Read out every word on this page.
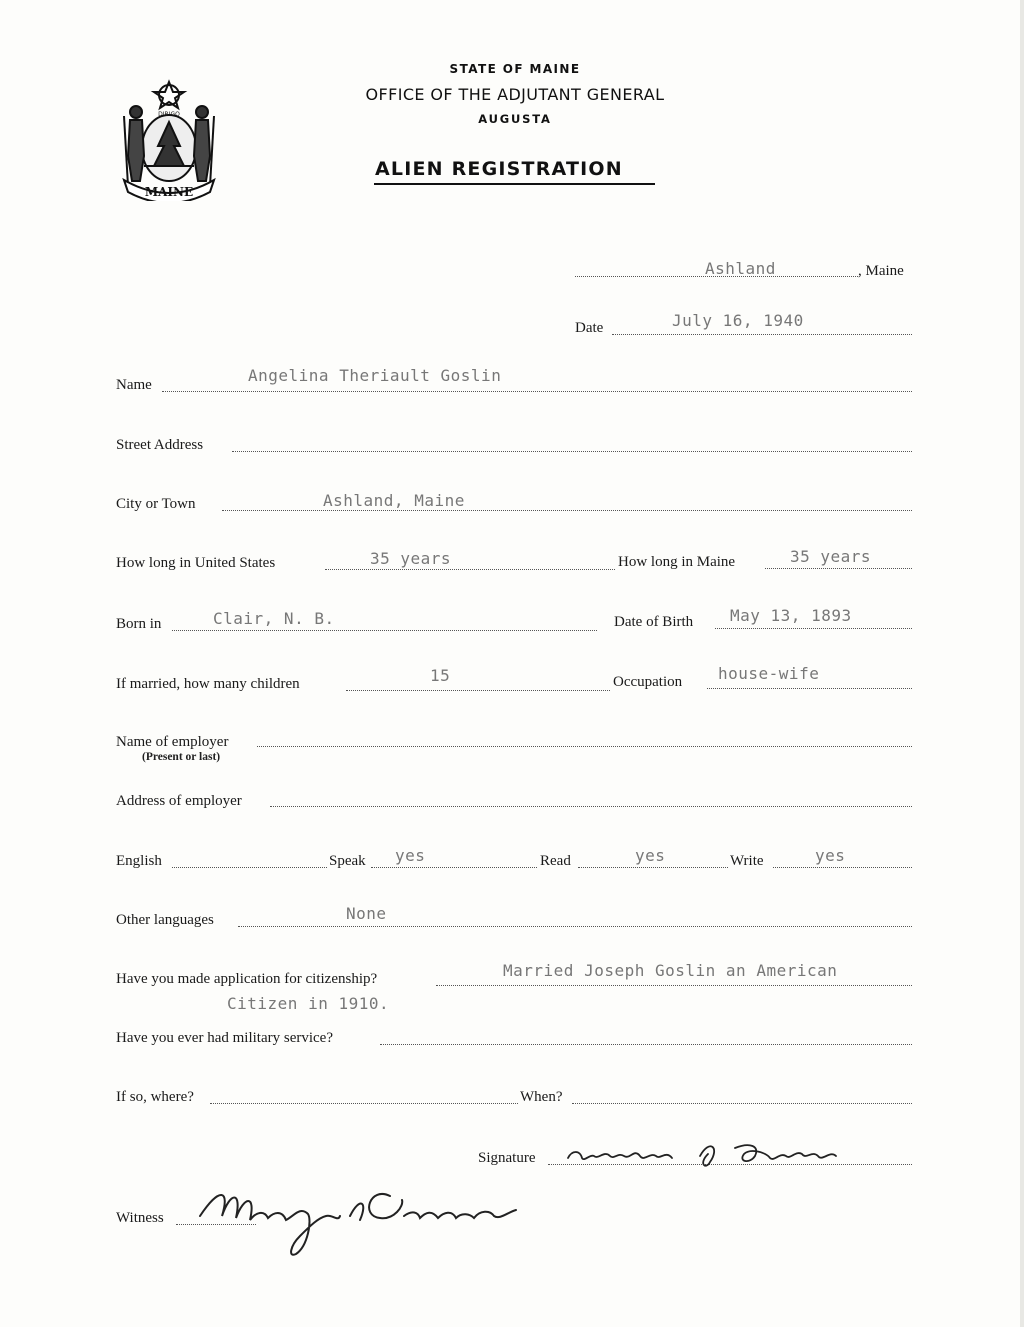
MAINE
DIRIGO
STATE OF MAINE
OFFICE OF THE ADJUTANT GENERAL
AUGUSTA
ALIEN REGISTRATION
Ashland	, Maine
Date	July 16, 1940
Name	Angelina Theriault Goslin
Street Address
City or Town	Ashland, Maine
How long in United States	35 years	How long in Maine	35 years
Born in	Clair, N. B.	Date of Birth May 13, 1893
If married, how many children	15	Occupation house-wife
Name of employer
(Present or last)
Address of employer
English	Speak yes	Read	yes	Write	yes
Other languages	None
Have you made application for citizenship?	Married Joseph Goslin an American
Citizen in 1910.
Have you ever had military service?
If so, where?	When?
Signature
Witness
